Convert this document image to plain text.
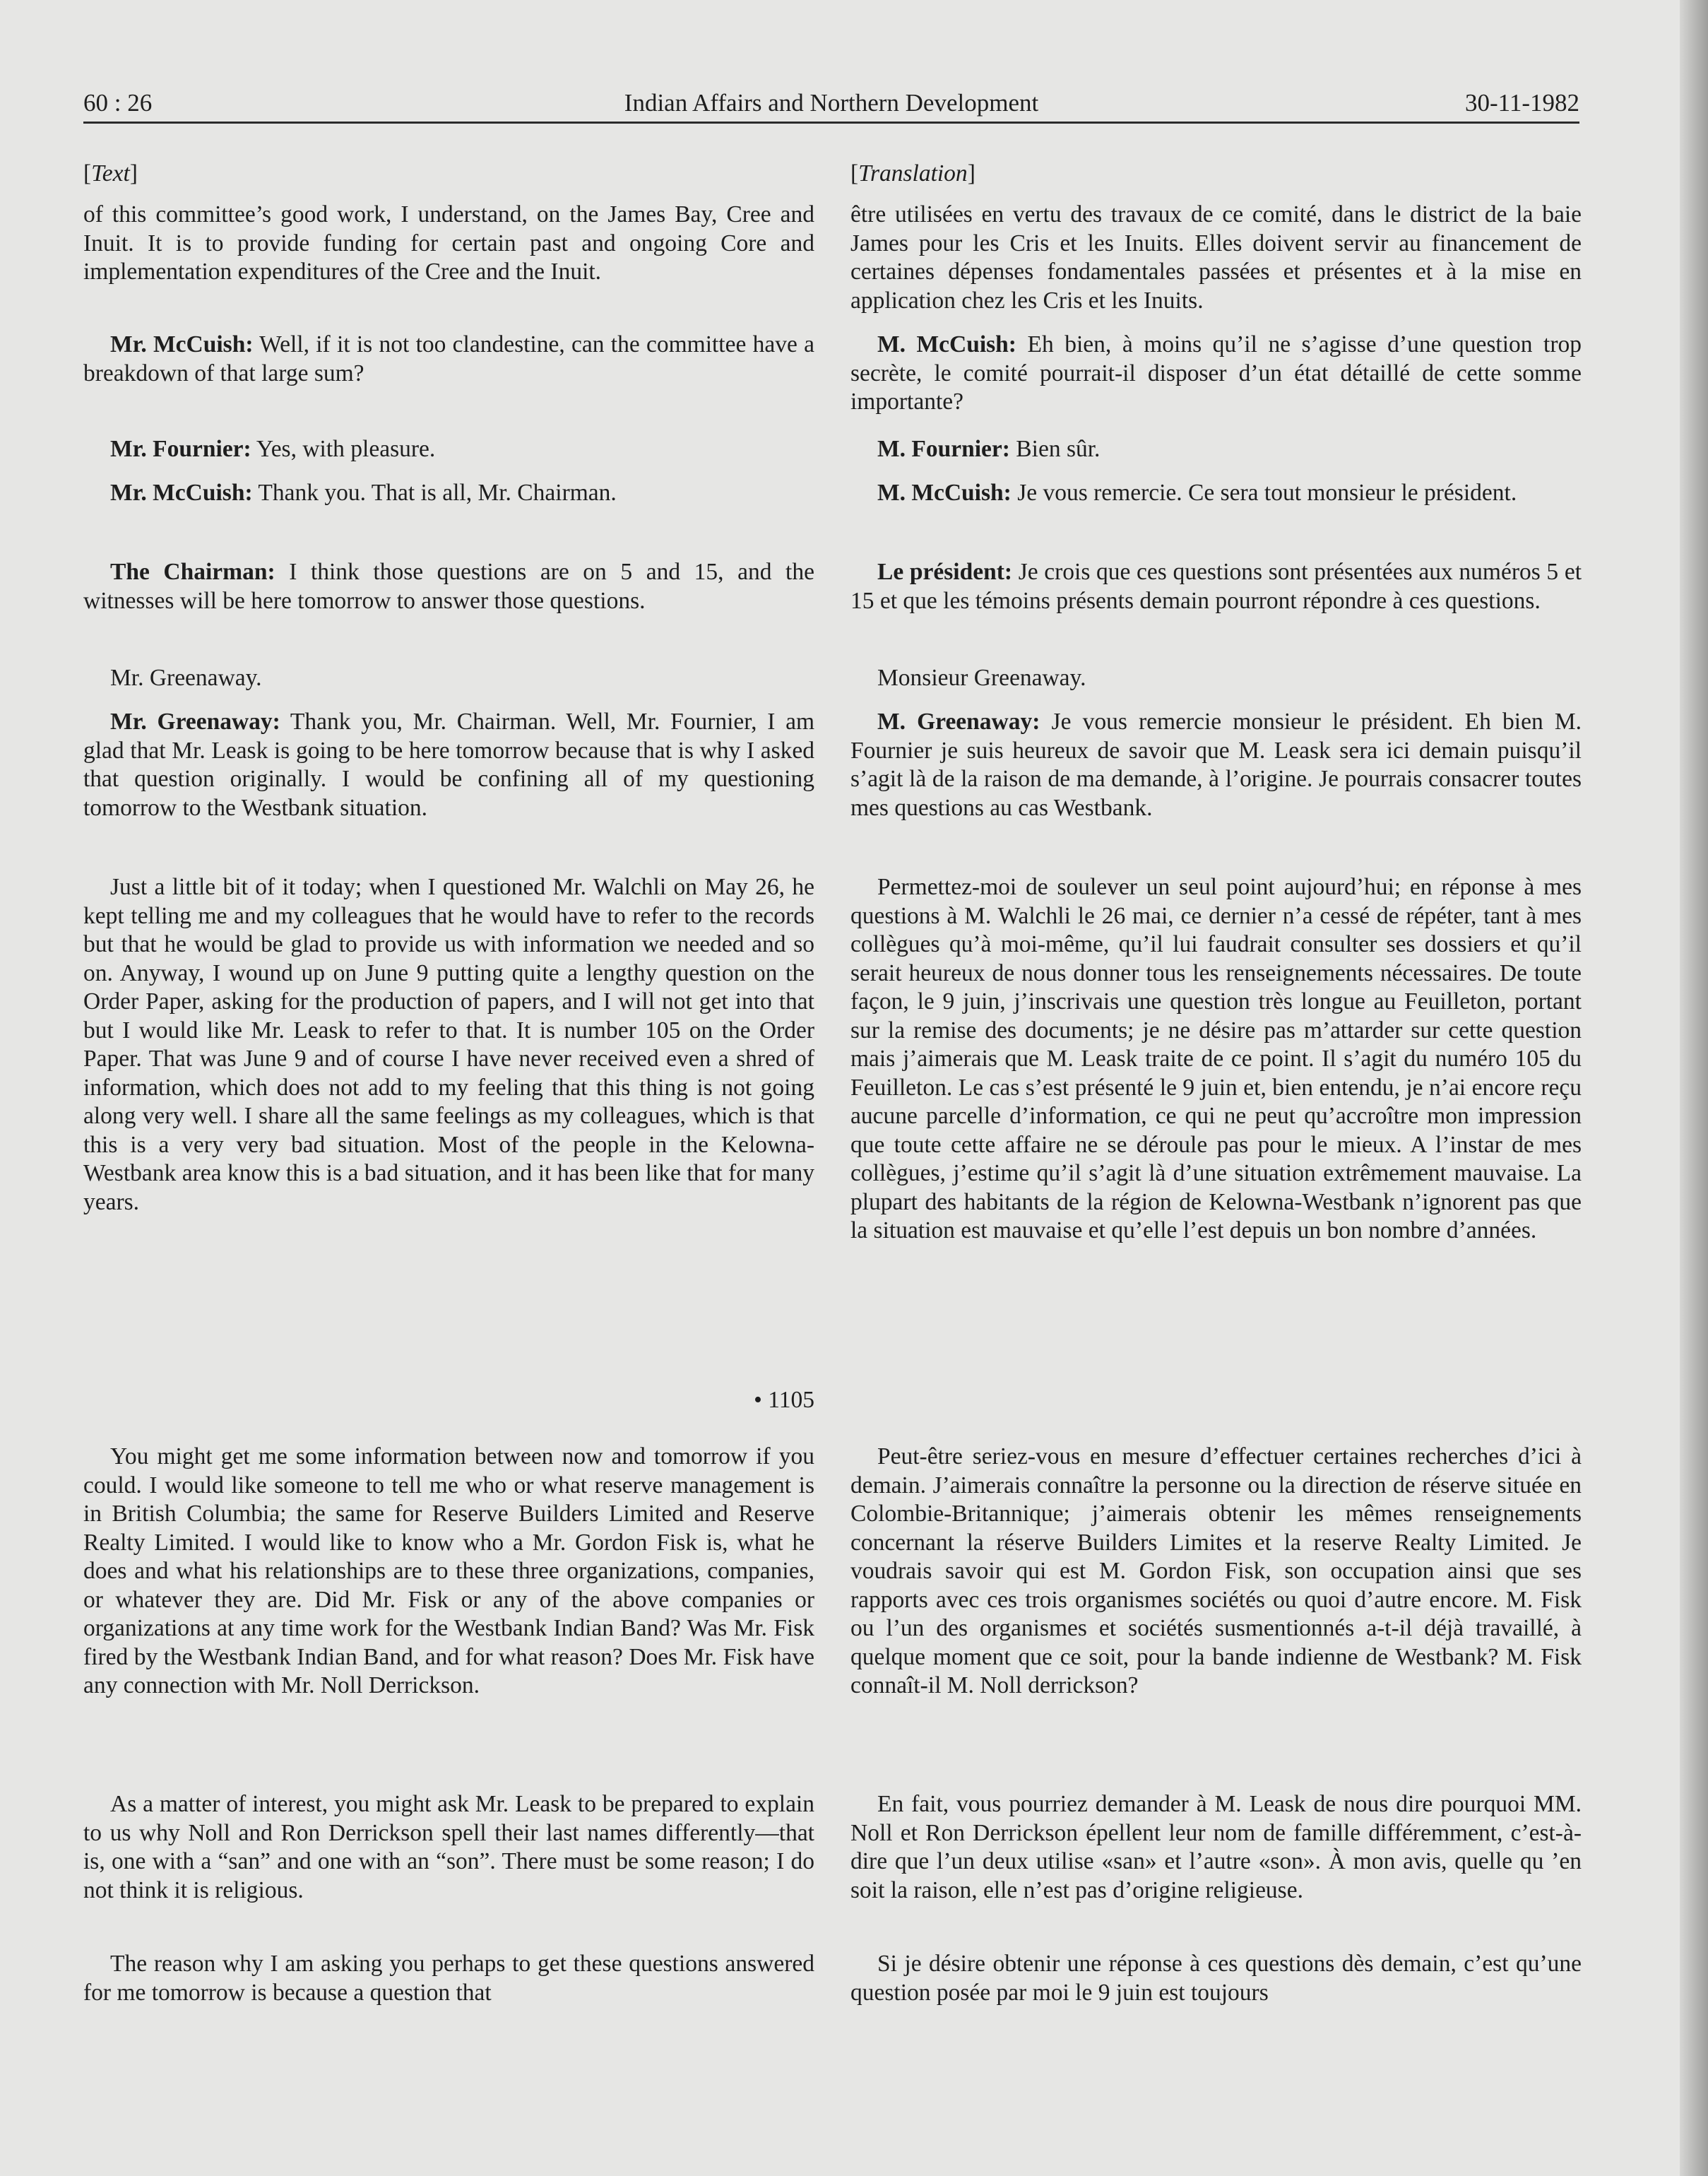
60 : 26	Indian Affairs and Northern Development	30-11-1982

[Text]

of this committee’s good work, I understand, on the James Bay, Cree and Inuit. It is to provide funding for certain past and ongoing Core and implementation expenditures of the Cree and the Inuit.

Mr. McCuish: Well, if it is not too clandestine, can the committee have a breakdown of that large sum?

Mr. Fournier: Yes, with pleasure.

Mr. McCuish: Thank you. That is all, Mr. Chairman.

The Chairman: I think those questions are on 5 and 15, and the witnesses will be here tomorrow to answer those questions.

Mr. Greenaway.

Mr. Greenaway: Thank you, Mr. Chairman. Well, Mr. Fournier, I am glad that Mr. Leask is going to be here tomorrow because that is why I asked that question originally. I would be confining all of my questioning tomorrow to the Westbank situation.

Just a little bit of it today; when I questioned Mr. Walchli on May 26, he kept telling me and my colleagues that he would have to refer to the records but that he would be glad to provide us with information we needed and so on. Anyway, I wound up on June 9 putting quite a lengthy question on the Order Paper, asking for the production of papers, and I will not get into that but I would like Mr. Leask to refer to that. It is number 105 on the Order Paper. That was June 9 and of course I have never received even a shred of information, which does not add to my feeling that this thing is not going along very well. I share all the same feelings as my colleagues, which is that this is a very very bad situation. Most of the people in the Kelowna-Westbank area know this is a bad situation, and it has been like that for many years.

• 1105

You might get me some information between now and tomorrow if you could. I would like someone to tell me who or what reserve management is in British Columbia; the same for Reserve Builders Limited and Reserve Realty Limited. I would like to know who a Mr. Gordon Fisk is, what he does and what his relationships are to these three organizations, companies, or whatever they are. Did Mr. Fisk or any of the above companies or organizations at any time work for the Westbank Indian Band? Was Mr. Fisk fired by the Westbank Indian Band, and for what reason? Does Mr. Fisk have any connection with Mr. Noll Derrickson.

As a matter of interest, you might ask Mr. Leask to be prepared to explain to us why Noll and Ron Derrickson spell their last names differently—that is, one with a “san” and one with an “son”. There must be some reason; I do not think it is religious.

The reason why I am asking you perhaps to get these questions answered for me tomorrow is because a question that

[Translation]

être utilisées en vertu des travaux de ce comité, dans le district de la baie James pour les Cris et les Inuits. Elles doivent servir au financement de certaines dépenses fondamentales passées et présentes et à la mise en application chez les Cris et les Inuits.

M. McCuish: Eh bien, à moins qu’il ne s’agisse d’une question trop secrète, le comité pourrait-il disposer d’un état détaillé de cette somme importante?

M. Fournier: Bien sûr.

M. McCuish: Je vous remercie. Ce sera tout monsieur le président.

Le président: Je crois que ces questions sont présentées aux numéros 5 et 15 et que les témoins présents demain pourront répondre à ces questions.

Monsieur Greenaway.

M. Greenaway: Je vous remercie monsieur le président. Eh bien M. Fournier je suis heureux de savoir que M. Leask sera ici demain puisqu’il s’agit là de la raison de ma demande, à l’origine. Je pourrais consacrer toutes mes questions au cas Westbank.

Permettez-moi de soulever un seul point aujourd’hui; en réponse à mes questions à M. Walchli le 26 mai, ce dernier n’a cessé de répéter, tant à mes collègues qu’à moi-même, qu’il lui faudrait consulter ses dossiers et qu’il serait heureux de nous donner tous les renseignements nécessaires. De toute façon, le 9 juin, j’inscrivais une question très longue au Feuilleton, portant sur la remise des documents; je ne désire pas m’attarder sur cette question mais j’aimerais que M. Leask traite de ce point. Il s’agit du numéro 105 du Feuilleton. Le cas s’est présenté le 9 juin et, bien entendu, je n’ai encore reçu aucune parcelle d’information, ce qui ne peut qu’accroître mon impression que toute cette affaire ne se déroule pas pour le mieux. A l’instar de mes collègues, j’estime qu’il s’agit là d’une situation extrêmement mauvaise. La plupart des habitants de la région de Kelowna-Westbank n’ignorent pas que la situation est mauvaise et qu’elle l’est depuis un bon nombre d’années.

Peut-être seriez-vous en mesure d’effectuer certaines recherches d’ici à demain. J’aimerais connaître la personne ou la direction de réserve située en Colombie-Britannique; j’aimerais obtenir les mêmes renseignements concernant la réserve Builders Limites et la reserve Realty Limited. Je voudrais savoir qui est M. Gordon Fisk, son occupation ainsi que ses rapports avec ces trois organismes sociétés ou quoi d’autre encore. M. Fisk ou l’un des organismes et sociétés susmentionnés a-t-il déjà travaillé, à quelque moment que ce soit, pour la bande indienne de Westbank? M. Fisk connaît-il M. Noll derrickson?

En fait, vous pourriez demander à M. Leask de nous dire pourquoi MM. Noll et Ron Derrickson épellent leur nom de famille différemment, c’est-à-dire que l’un deux utilise «san» et l’autre «son». À mon avis, quelle qu ’en soit la raison, elle n’est pas d’origine religieuse.

Si je désire obtenir une réponse à ces questions dès demain, c’est qu’une question posée par moi le 9 juin est toujours
